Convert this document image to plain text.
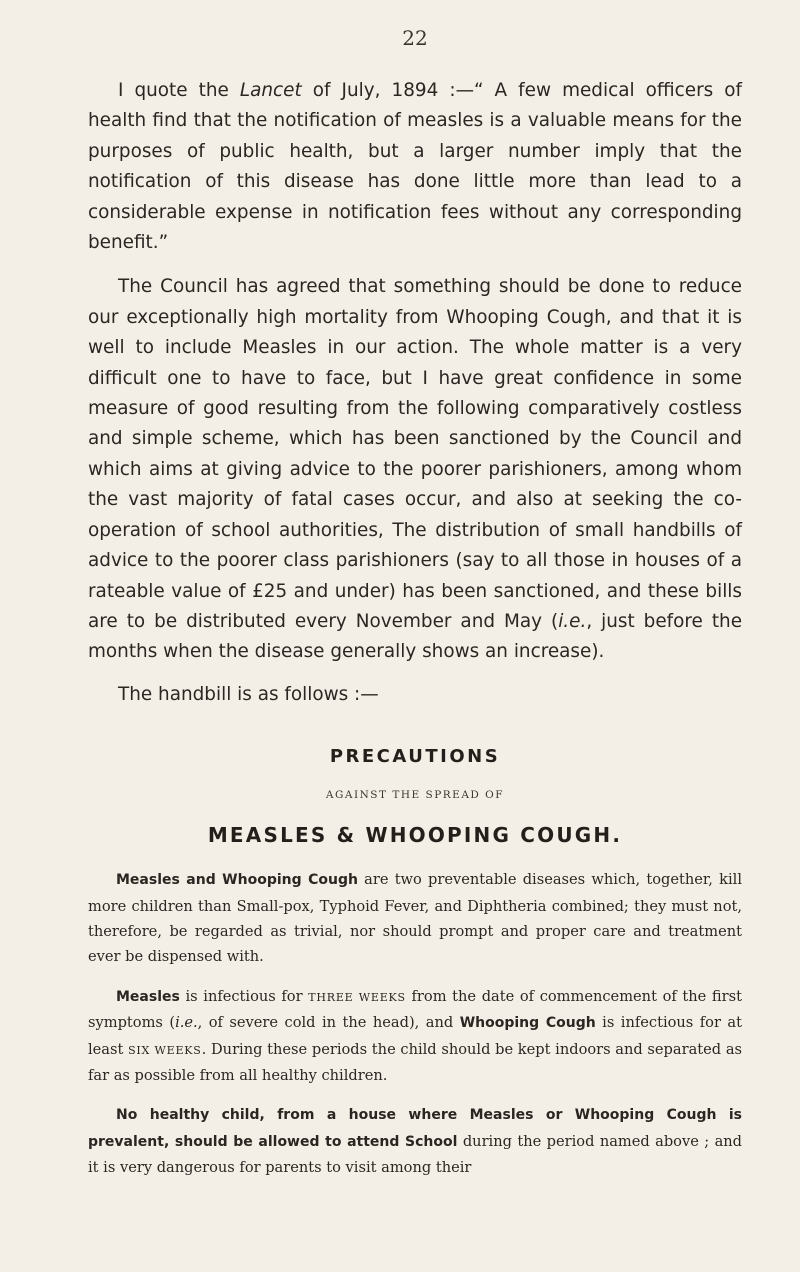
22

I quote the Lancet of July, 1894 :—“ A few medical officers of health find that the notification of measles is a valuable means for the purposes of public health, but a larger number imply that the notification of this disease has done little more than lead to a considerable expense in notification fees without any corresponding benefit.”

The Council has agreed that something should be done to reduce our exceptionally high mortality from Whooping Cough, and that it is well to include Measles in our action. The whole matter is a very difficult one to have to face, but I have great confidence in some measure of good resulting from the following comparatively costless and simple scheme, which has been sanctioned by the Council and which aims at giving advice to the poorer parishioners, among whom the vast majority of fatal cases occur, and also at seeking the co-operation of school authorities, The distribution of small handbills of advice to the poorer class parishioners (say to all those in houses of a rateable value of £25 and under) has been sanctioned, and these bills are to be distributed every November and May (i.e., just before the months when the disease generally shows an increase).

The handbill is as follows :—

PRECAUTIONS
AGAINST THE SPREAD OF
MEASLES & WHOOPING COUGH.

Measles and Whooping Cough are two preventable diseases which, together, kill more children than Small-pox, Typhoid Fever, and Diphtheria combined; they must not, therefore, be regarded as trivial, nor should prompt and proper care and treatment ever be dispensed with.

Measles is infectious for THREE WEEKS from the date of commencement of the first symptoms (i.e., of severe cold in the head), and Whooping Cough is infectious for at least SIX WEEKS. During these periods the child should be kept indoors and separated as far as possible from all healthy children.

No healthy child, from a house where Measles or Whooping Cough is prevalent, should be allowed to attend School during the period named above ; and it is very dangerous for parents to visit among their
